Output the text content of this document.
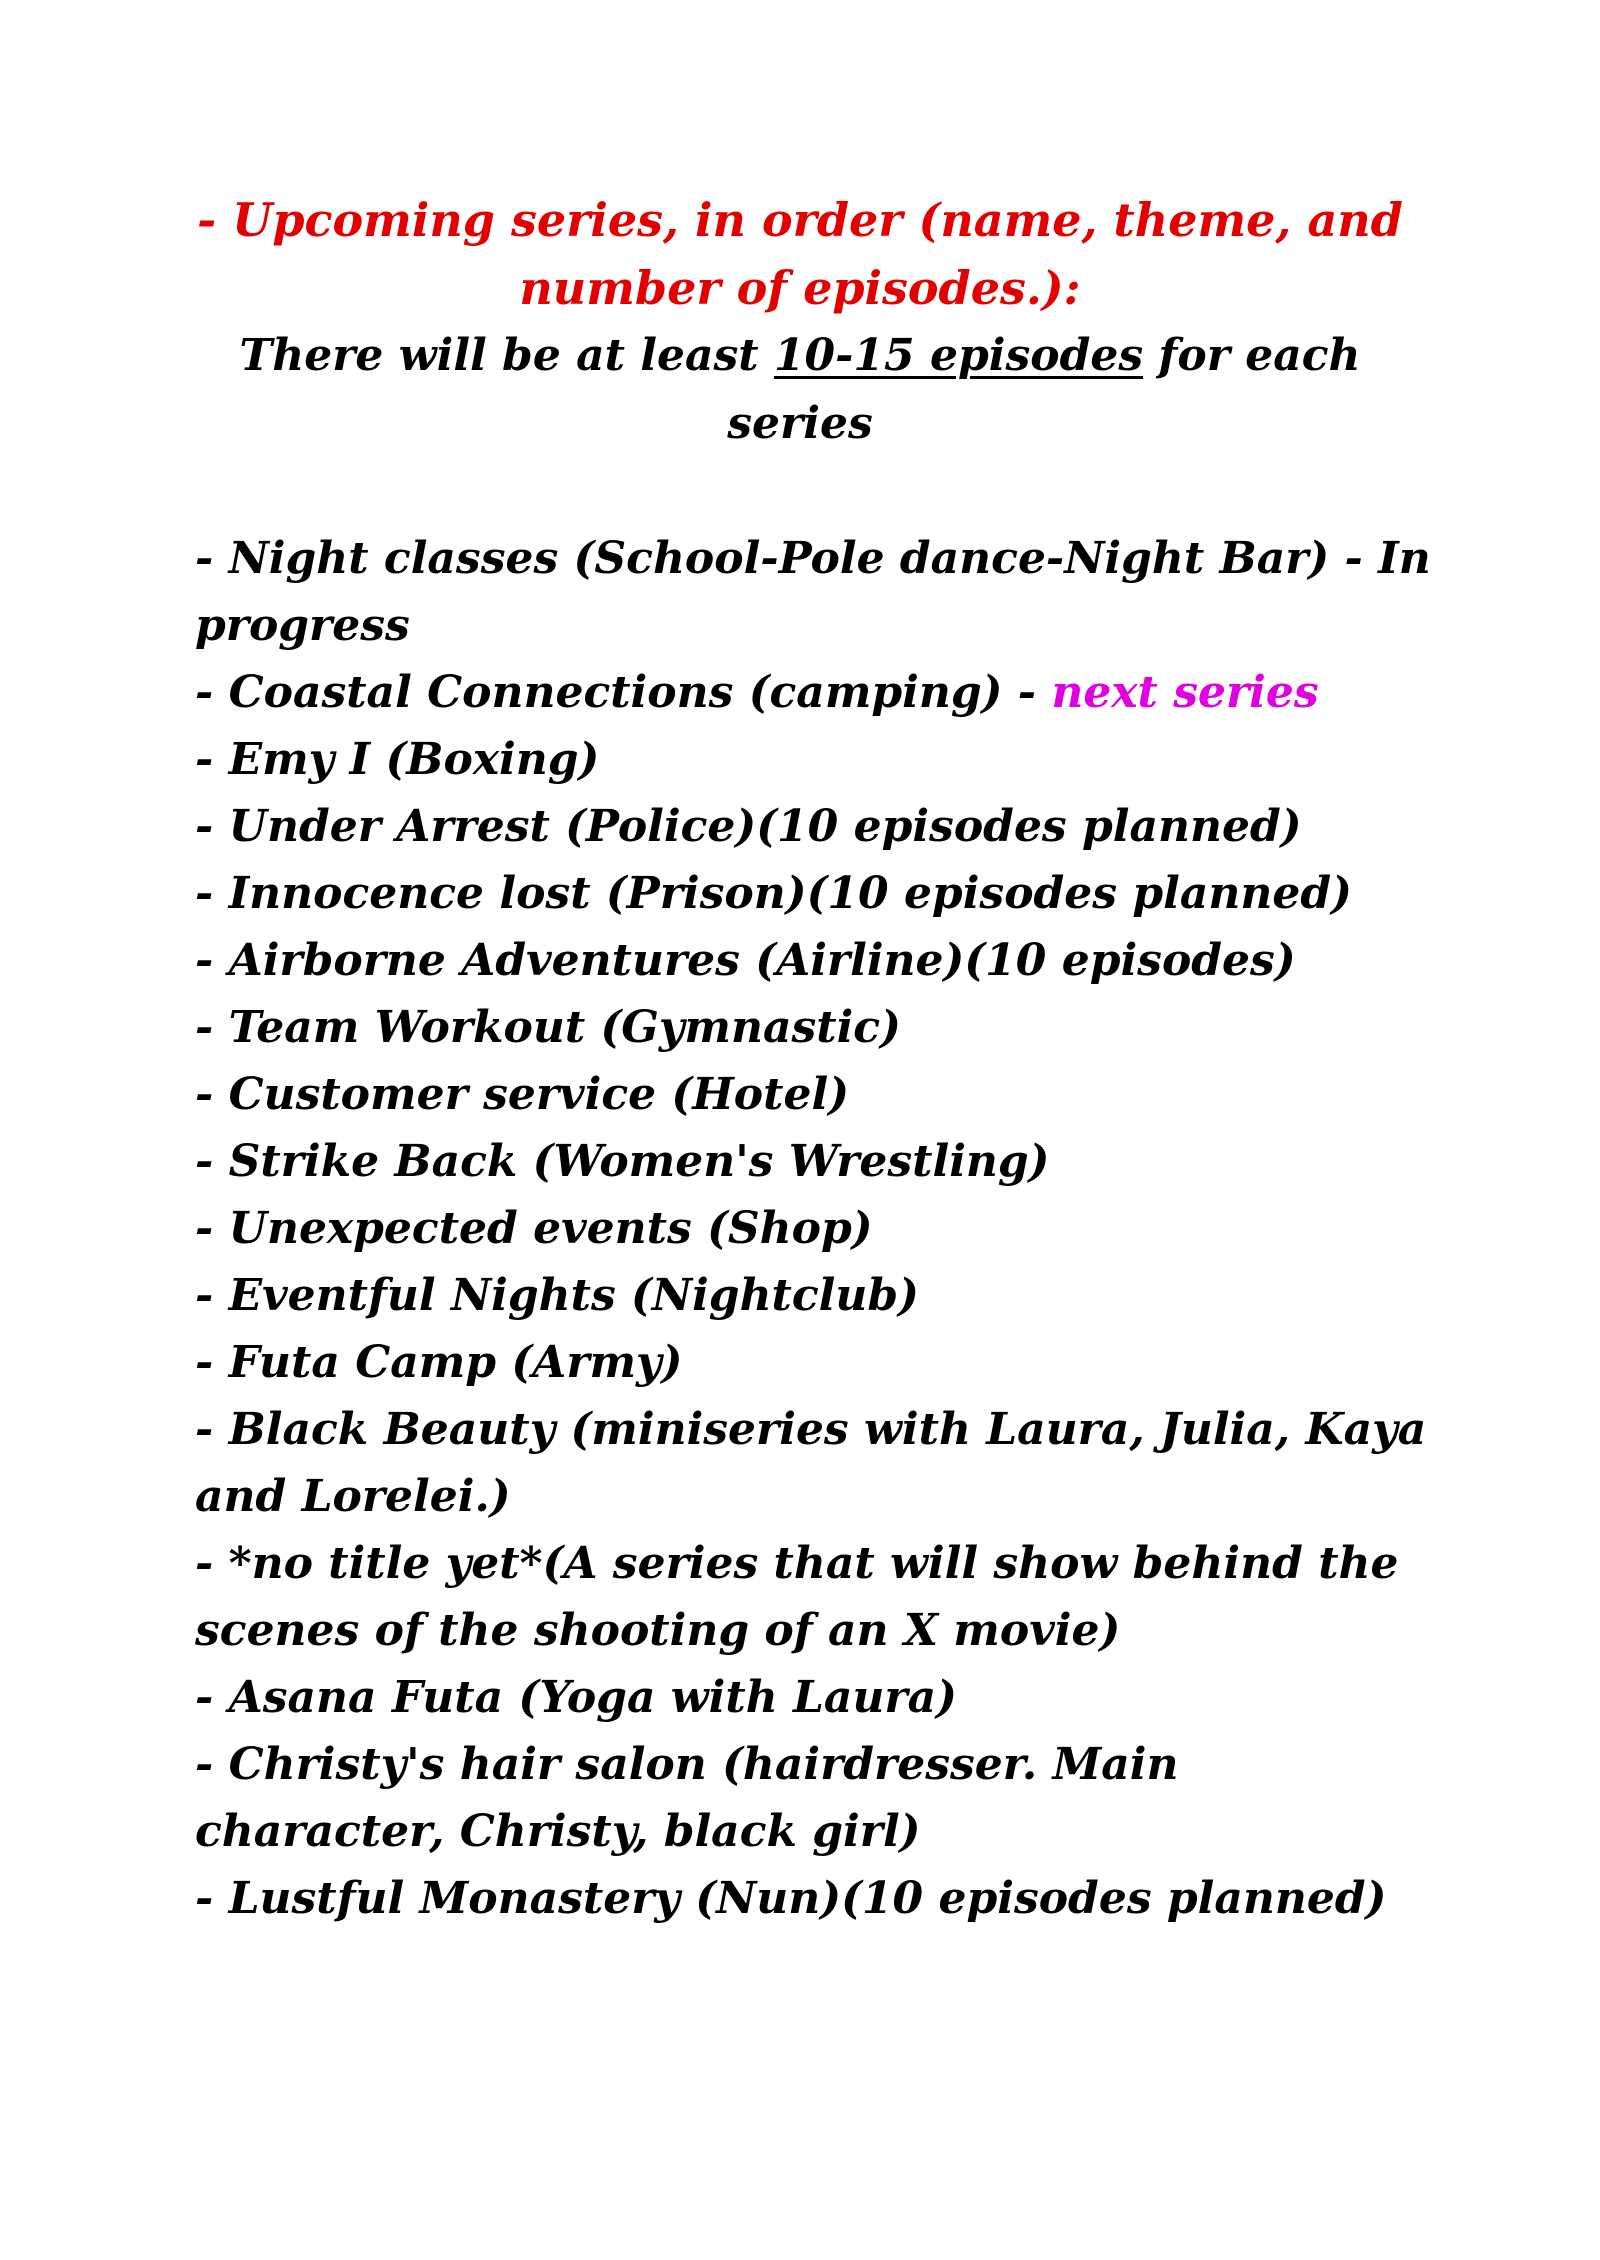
- Upcoming series, in order (name, theme, and number of episodes.):
There will be at least 10-15 episodes for each series
- Night classes (School-Pole dance-Night Bar) - In progress
- Coastal Connections (camping) - next series
- Emy I (Boxing)
- Under Arrest (Police)(10 episodes planned)
- Innocence lost (Prison)(10 episodes planned)
- Airborne Adventures (Airline)(10 episodes)
- Team Workout (Gymnastic)
- Customer service (Hotel)
- Strike Back (Women's Wrestling)
- Unexpected events (Shop)
- Eventful Nights (Nightclub)
- Futa Camp (Army)
- Black Beauty (miniseries with Laura, Julia, Kaya and Lorelei.)
- *no title yet*(A series that will show behind the scenes of the shooting of an X movie)
- Asana Futa (Yoga with Laura)
- Christy's hair salon (hairdresser. Main character, Christy, black girl)
- Lustful Monastery (Nun)(10 episodes planned)
